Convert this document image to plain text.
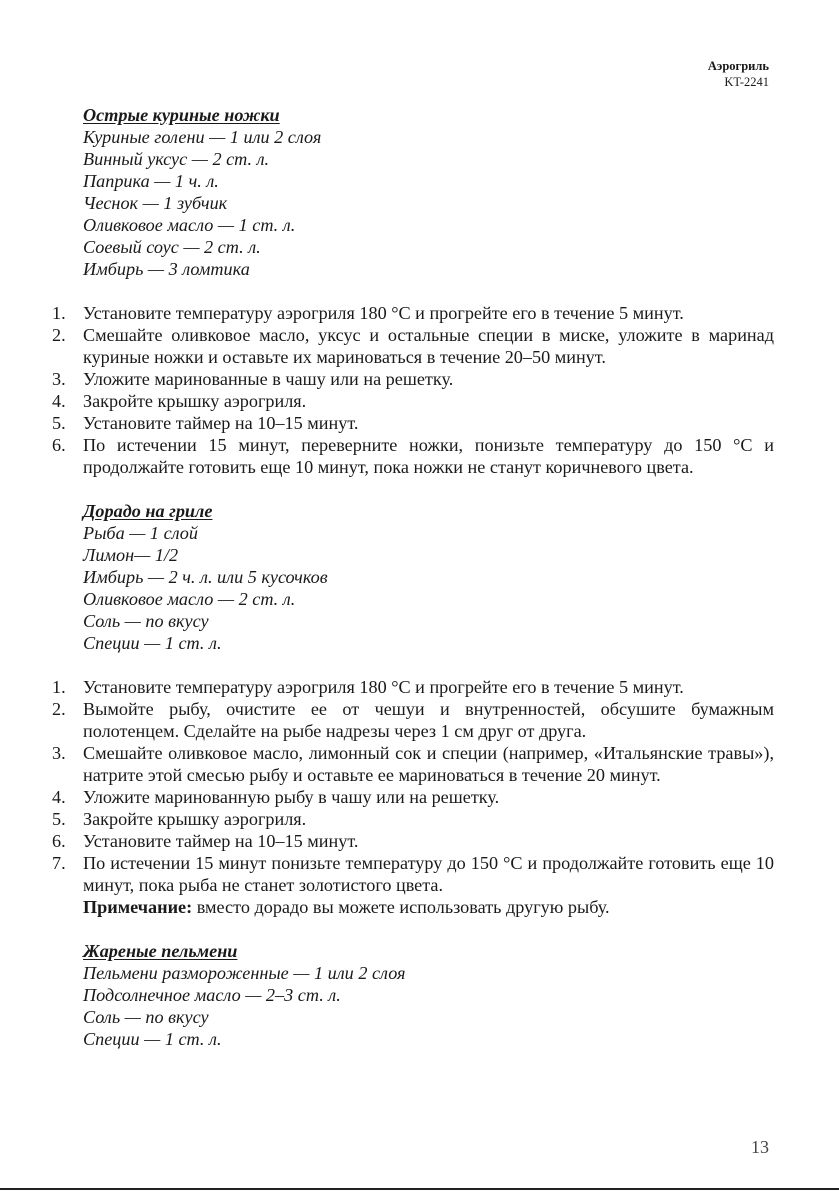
Аэрогриль
KT-2241
Острые куриные ножки
Куриные голени — 1 или 2 слоя
Винный уксус — 2 ст. л.
Паприка — 1 ч. л.
Чеснок — 1 зубчик
Оливковое масло — 1 ст. л.
Соевый соус — 2 ст. л.
Имбирь — 3 ломтика
1. Установите температуру аэрогриля 180 °С и прогрейте его в течение 5 минут.
2. Смешайте оливковое масло, уксус и остальные специи в миске, уложите в маринад куриные ножки и оставьте их мариноваться в течение 20–50 минут.
3. Уложите маринованные в чашу или на решетку.
4. Закройте крышку аэрогриля.
5. Установите таймер на 10–15 минут.
6. По истечении 15 минут, переверните ножки, понизьте температуру до 150 °С и продолжайте готовить еще 10 минут, пока ножки не станут коричневого цвета.
Дорадо на гриле
Рыба — 1 слой
Лимон— 1/2
Имбирь — 2 ч. л. или 5 кусочков
Оливковое масло — 2 ст. л.
Соль — по вкусу
Специи — 1 ст. л.
1. Установите температуру аэрогриля 180 °С и прогрейте его в течение 5 минут.
2. Вымойте рыбу, очистите ее от чешуи и внутренностей, обсушите бумажным полотенцем. Сделайте на рыбе надрезы через 1 см друг от друга.
3. Смешайте оливковое масло, лимонный сок и специи (например, «Итальянские травы»), натрите этой смесью рыбу и оставьте ее мариноваться в течение 20 минут.
4. Уложите маринованную рыбу в чашу или на решетку.
5. Закройте крышку аэрогриля.
6. Установите таймер на 10–15 минут.
7. По истечении 15 минут понизьте температуру до 150 °С и продолжайте готовить еще 10 минут, пока рыба не станет золотистого цвета.
Примечание: вместо дорадо вы можете использовать другую рыбу.
Жареные пельмени
Пельмени размороженные — 1 или 2 слоя
Подсолнечное масло — 2–3 ст. л.
Соль — по вкусу
Специи — 1 ст. л.
13
